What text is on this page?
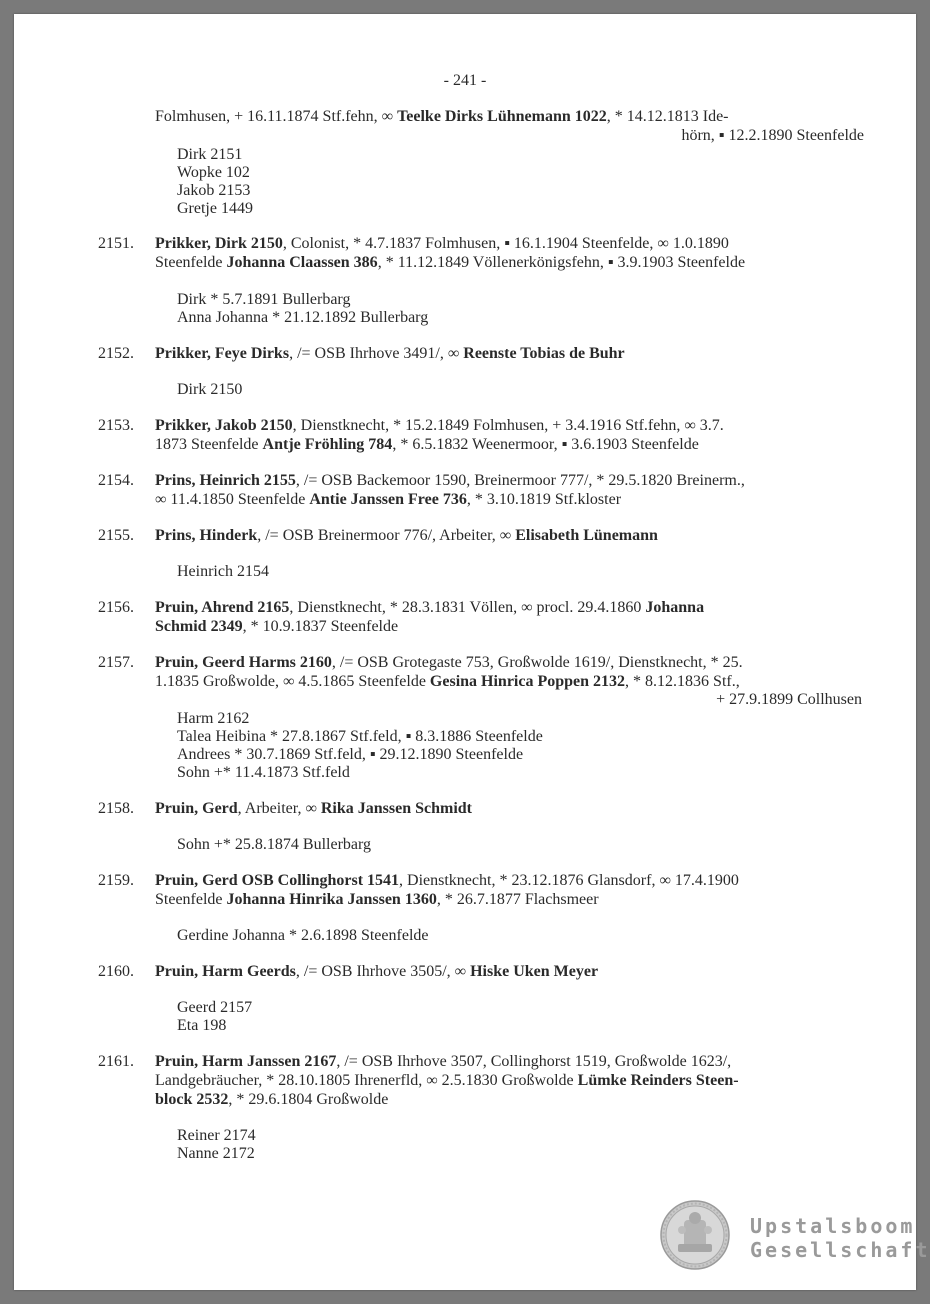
- 241 -
Folmhusen, + 16.11.1874 Stf.fehn, ∞ Teelke Dirks Lühnemann 1022, * 14.12.1813 Ide-
hörn, ▪ 12.2.1890 Steenfelde
Dirk 2151
Wopke 102
Jakob 2153
Gretje 1449
2151. Prikker, Dirk 2150, Colonist, * 4.7.1837 Folmhusen, ▪ 16.1.1904 Steenfelde, ∞ 1.0.1890
Steenfelde Johanna Claassen 386, * 11.12.1849 Völlenerkönigsfehn, ▪ 3.9.1903 Steenfelde
Dirk * 5.7.1891 Bullerbarg
Anna Johanna * 21.12.1892 Bullerbarg
2152. Prikker, Feye Dirks, /= OSB Ihrhove 3491/, ∞ Reenste Tobias de Buhr
Dirk 2150
2153. Prikker, Jakob 2150, Dienstknecht, * 15.2.1849 Folmhusen, + 3.4.1916 Stf.fehn, ∞ 3.7.
1873 Steenfelde Antje Fröhling 784, * 6.5.1832 Weenermoor, ▪ 3.6.1903 Steenfelde
2154. Prins, Heinrich 2155, /= OSB Backemoor 1590, Breinermoor 777/, * 29.5.1820 Breinerm.,
∞ 11.4.1850 Steenfelde Antie Janssen Free 736, * 3.10.1819 Stf.kloster
2155. Prins, Hinderk, /= OSB Breinermoor 776/, Arbeiter, ∞ Elisabeth Lünemann
Heinrich 2154
2156. Pruin, Ahrend 2165, Dienstknecht, * 28.3.1831 Völlen, ∞ procl. 29.4.1860 Johanna
Schmid 2349, * 10.9.1837 Steenfelde
2157. Pruin, Geerd Harms 2160, /= OSB Grotegaste 753, Großwolde 1619/, Dienstknecht, * 25.
1.1835 Großwolde, ∞ 4.5.1865 Steenfelde Gesina Hinrica Poppen 2132, * 8.12.1836 Stf.,
+ 27.9.1899 Collhusen
Harm 2162
Talea Heibina * 27.8.1867 Stf.feld, ▪ 8.3.1886 Steenfelde
Andrees * 30.7.1869 Stf.feld, ▪ 29.12.1890 Steenfelde
Sohn +* 11.4.1873 Stf.feld
2158. Pruin, Gerd, Arbeiter, ∞ Rika Janssen Schmidt
Sohn +* 25.8.1874 Bullerbarg
2159. Pruin, Gerd OSB Collinghorst 1541, Dienstknecht, * 23.12.1876 Glansdorf, ∞ 17.4.1900
Steenfelde Johanna Hinrika Janssen 1360, * 26.7.1877 Flachsmeer
Gerdine Johanna * 2.6.1898 Steenfelde
2160. Pruin, Harm Geerds, /= OSB Ihrhove 3505/, ∞ Hiske Uken Meyer
Geerd 2157
Eta 198
2161. Pruin, Harm Janssen 2167, /= OSB Ihrhove 3507, Collinghorst 1519, Großwolde 1623/,
Landgebräucher, * 28.10.1805 Ihrenerfld, ∞ 2.5.1830 Großwolde Lümke Reinders Steen-
block 2532, * 29.6.1804 Großwolde
Reiner 2174
Nanne 2172
Upstalsboom
Gesellschaft
